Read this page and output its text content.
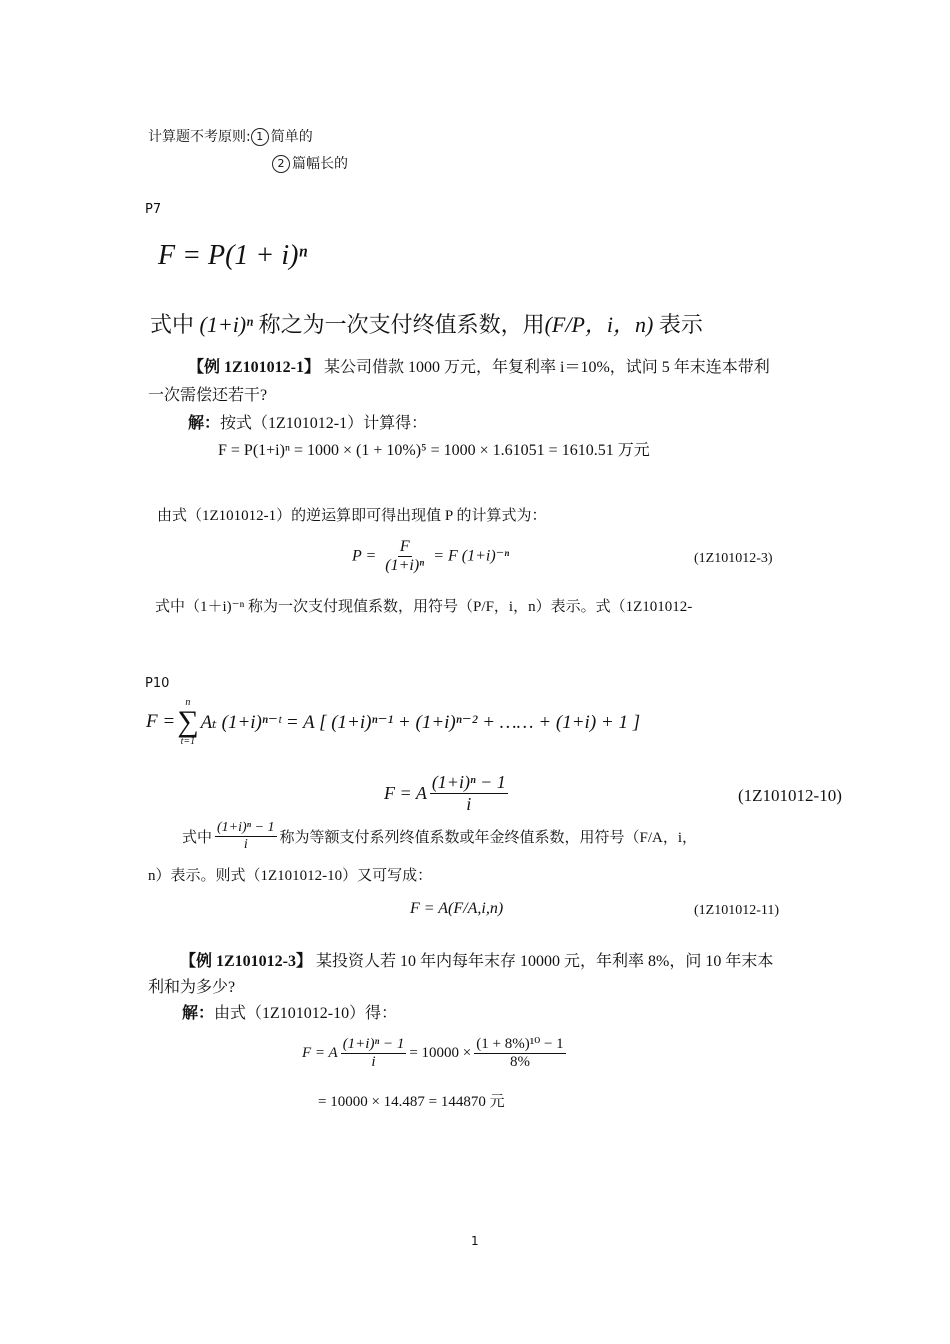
计算题不考原则: 1 简单的
2 篇幅长的
P7
F = P(1 + i)ⁿ
式中 (1+i)ⁿ 称之为一次支付终值系数，用(F/P，i，n) 表示
【例 1Z101012-1】 某公司借款 1000 万元，年复利率 i＝10%，试问 5 年末连本带利
一次需偿还若干?
解：按式（1Z101012-1）计算得：
F = P(1+i)ⁿ = 1000 × (1 + 10%)⁵ = 1000 × 1.61051 = 1610.51 万元
由式（1Z101012-1）的逆运算即可得出现值 P 的计算式为：
$P = \frac{F}{\text{(1+i)ⁿ}} = F$ (1+i)⁻ⁿ	(1Z101012-3)
式中（1＋i)⁻ⁿ 称为一次支付现值系数，用符号（P/F，i，n）表示。式（1Z101012-
P10
F =
n
∑
t=1
Aₜ (1+i)ⁿ⁻ᵗ = A [ (1+i)ⁿ⁻¹ + (1+i)ⁿ⁻² + …… + (1+i) + 1 ]
F = A $\frac{\text{(1+i)ⁿ − 1}}{i}$	(1Z101012-10)
式中 $\frac{\text{(1+i)ⁿ − 1}}{i}$ 称为等额支付系列终值系数或年金终值系数，用符号（F/A，i，
n）表示。则式（1Z101012-10）又可写成：
F = A(F/A,i,n)	(1Z101012-11)
【例 1Z101012-3】 某投资人若 10 年内每年末存 10000 元，年利率 8%，问 10 年末本
利和为多少?
解：由式（1Z101012-10）得：
F = A $\frac{\text{(1+i)ⁿ − 1}}{i} = 10000 \times \frac{\text{(1 + 8\%)¹⁰ − 1}}{8\%}$
= 10000 × 14.487 = 144870 元
1
